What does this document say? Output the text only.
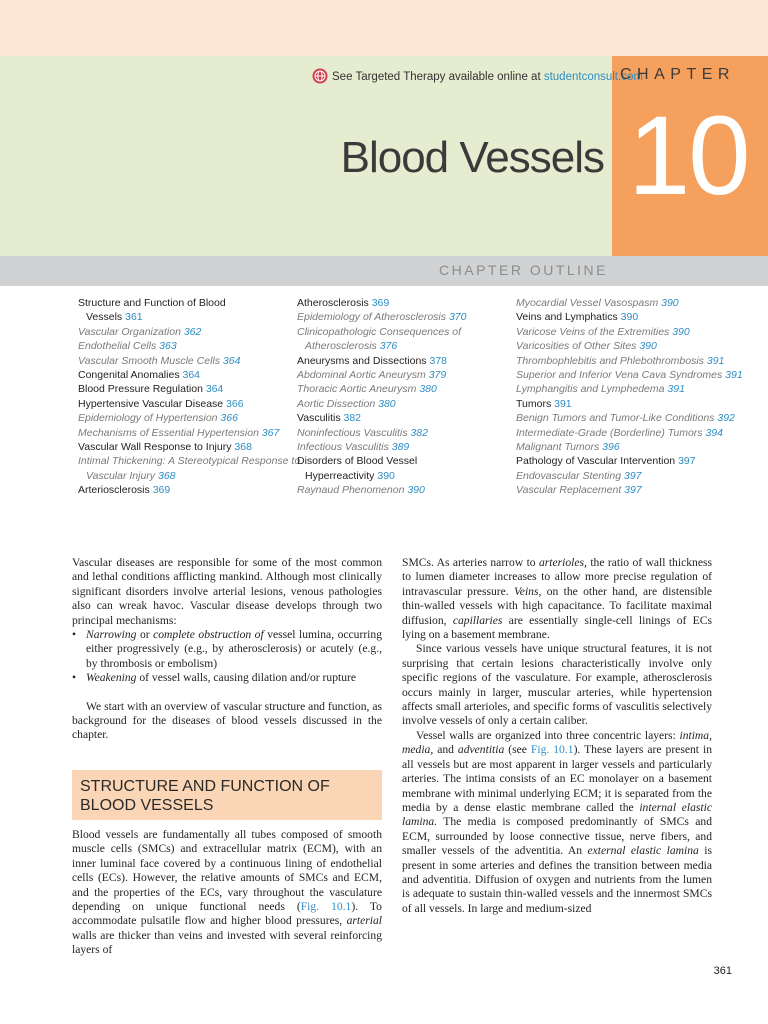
See Targeted Therapy available online at studentconsult.com
CHAPTER
10
Blood Vessels
CHAPTER OUTLINE
Structure and Function of Blood
Vessels 361
Vascular Organization 362
Endothelial Cells 363
Vascular Smooth Muscle Cells 364
Congenital Anomalies 364
Blood Pressure Regulation 364
Hypertensive Vascular Disease 366
Epidemiology of Hypertension 366
Mechanisms of Essential Hypertension 367
Vascular Wall Response to Injury 368
Intimal Thickening: A Stereotypical Response to
Vascular Injury 368
Arteriosclerosis 369
Atherosclerosis 369
Epidemiology of Atherosclerosis 370
Clinicopathologic Consequences of
Atherosclerosis 376
Aneurysms and Dissections 378
Abdominal Aortic Aneurysm 379
Thoracic Aortic Aneurysm 380
Aortic Dissection 380
Vasculitis 382
Noninfectious Vasculitis 382
Infectious Vasculitis 389
Disorders of Blood Vessel
Hyperreactivity 390
Raynaud Phenomenon 390
Myocardial Vessel Vasospasm 390
Veins and Lymphatics 390
Varicose Veins of the Extremities 390
Varicosities of Other Sites 390
Thrombophlebitis and Phlebothrombosis 391
Superior and Inferior Vena Cava Syndromes 391
Lymphangitis and Lymphedema 391
Tumors 391
Benign Tumors and Tumor-Like Conditions 392
Intermediate-Grade (Borderline) Tumors 394
Malignant Tumors 396
Pathology of Vascular Intervention 397
Endovascular Stenting 397
Vascular Replacement 397

Vascular diseases are responsible for some of the most common and lethal conditions afflicting mankind. Although most clinically significant disorders involve arterial lesions, venous pathologies also can wreak havoc. Vascular disease develops through two principal mechanisms:

• Narrowing or complete obstruction of vessel lumina, occurring either progressively (e.g., by atherosclerosis) or acutely (e.g., by thrombosis or embolism)
• Weakening of vessel walls, causing dilation and/or rupture

We start with an overview of vascular structure and function, as background for the diseases of blood vessels discussed in the chapter.

STRUCTURE AND FUNCTION OF BLOOD VESSELS

Blood vessels are fundamentally all tubes composed of smooth muscle cells (SMCs) and extracellular matrix (ECM), with an inner luminal face covered by a continuous lining of endothelial cells (ECs). However, the relative amounts of SMCs and ECM, and the properties of the ECs, vary throughout the vasculature depending on unique functional needs (Fig. 10.1). To accommodate pulsatile flow and higher blood pressures, arterial walls are thicker than veins and invested with several reinforcing layers of

SMCs. As arteries narrow to arterioles, the ratio of wall thickness to lumen diameter increases to allow more precise regulation of intravascular pressure. Veins, on the other hand, are distensible thin-walled vessels with high capacitance. To facilitate maximal diffusion, capillaries are essentially single-cell linings of ECs lying on a basement membrane.

Since various vessels have unique structural features, it is not surprising that certain lesions characteristically involve only specific regions of the vasculature. For example, atherosclerosis occurs mainly in larger, muscular arteries, while hypertension affects small arterioles, and specific forms of vasculitis selectively involve vessels of only a certain caliber.

Vessel walls are organized into three concentric layers: intima, media, and adventitia (see Fig. 10.1). These layers are present in all vessels but are most apparent in larger vessels and particularly arteries. The intima consists of an EC monolayer on a basement membrane with minimal underlying ECM; it is separated from the media by a dense elastic membrane called the internal elastic lamina. The media is composed predominantly of SMCs and ECM, surrounded by loose connective tissue, nerve fibers, and smaller vessels of the adventitia. An external elastic lamina is present in some arteries and defines the transition between media and adventitia. Diffusion of oxygen and nutrients from the lumen is adequate to sustain thin-walled vessels and the innermost SMCs of all vessels. In large and medium-sized

361
